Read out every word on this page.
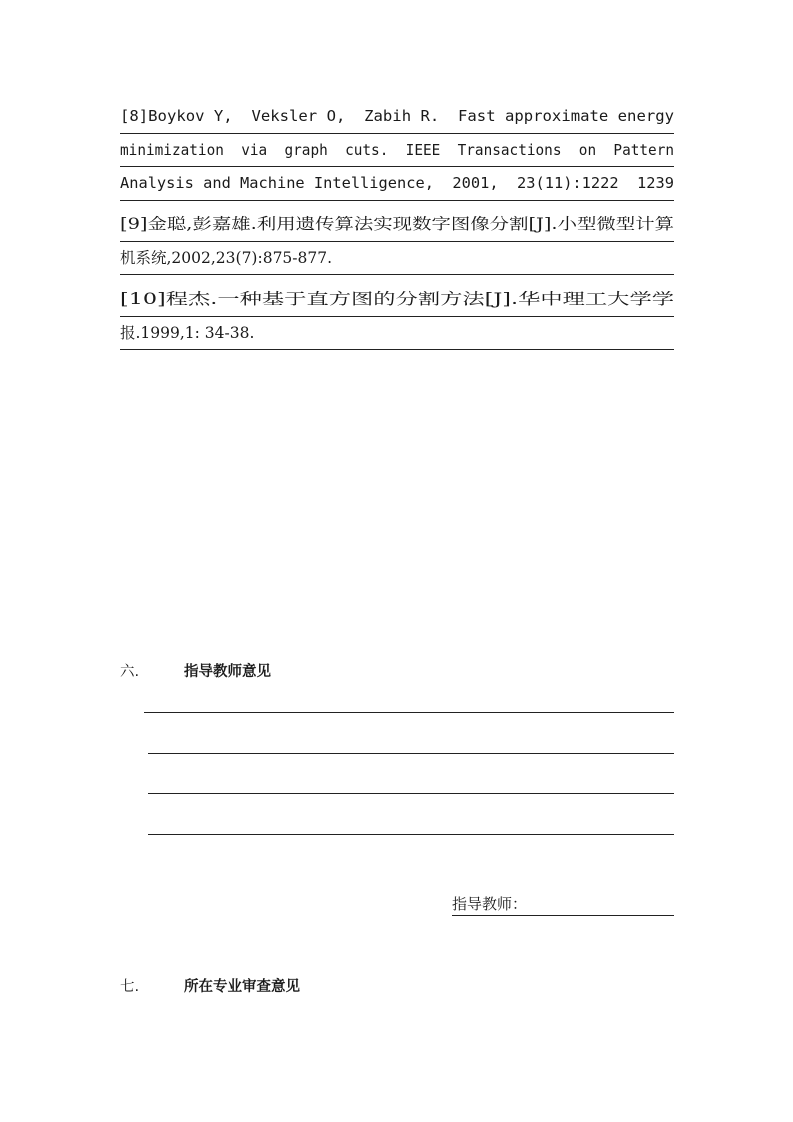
[8]Boykov Y,  Veksler O,  Zabih R.  Fast approximate energy
minimization  via  graph  cuts.  IEEE  Transactions  on  Pattern
Analysis and Machine Intelligence,  2001,  23(11):1222  1239
[9]金聪,彭嘉雄.利用遗传算法实现数字图像分割[J].小型微型计算
机系统,2002,23(7):875-877.
[10]程杰.一种基于直方图的分割方法[J].华中理工大学学
报.1999,1: 34-38.
六.	指导教师意见
指导教师：
七.	所在专业审查意见
